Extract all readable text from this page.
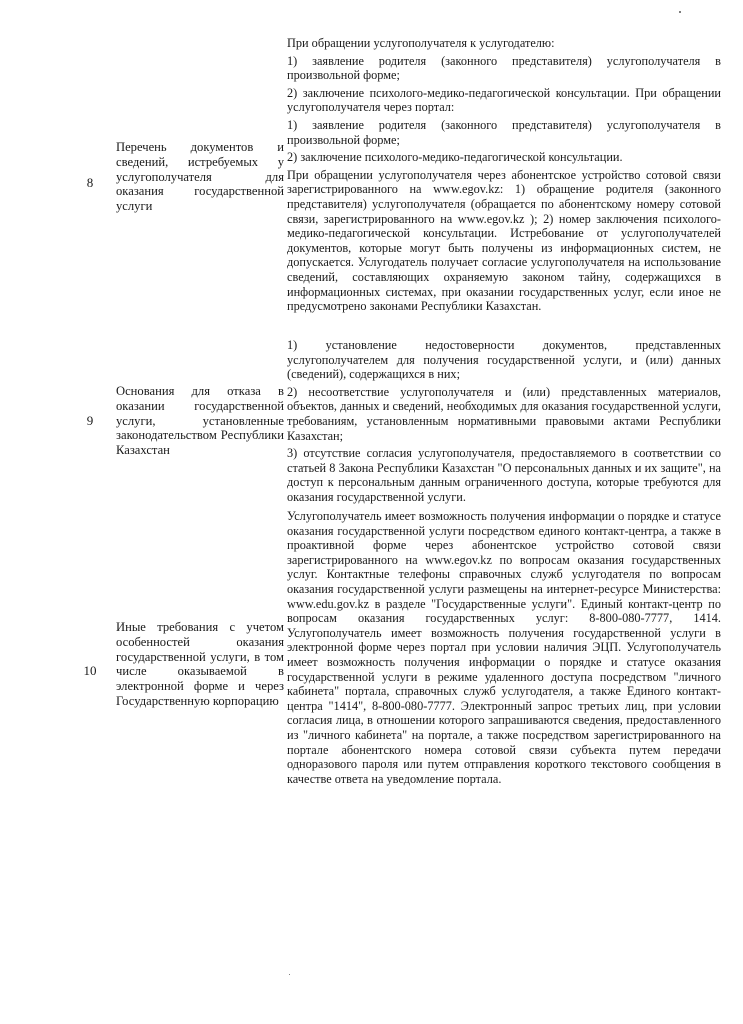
8
Перечень документов и сведений, истребуемых у услугополучателя для оказания государственной услуги

При обращении услугополучателя к услугодателю:

1) заявление родителя (законного представителя) услугополучателя в произвольной форме;

2) заключение психолого-медико-педагогической консультации. При обращении услугополучателя через портал:

1) заявление родителя (законного представителя) услугополучателя в произвольной форме;

2) заключение психолого-медико-педагогической консультации.

При обращении услугополучателя через абонентское устройство сотовой связи зарегистрированного на www.egov.kz: 1) обращение родителя (законного представителя) услугополучателя (обращается по абонентскому номеру сотовой связи, зарегистрированного на www.egov.kz ); 2) номер заключения психолого-медико-педагогической консультации. Истребование от услугополучателей документов, которые могут быть получены из информационных систем, не допускается. Услугодатель получает согласие услугополучателя на использование сведений, составляющих охраняемую законом тайну, содержащихся в информационных системах, при оказании государственных услуг, если иное не предусмотрено законами Республики Казахстан.

9
Основания для отказа в оказании государственной услуги, установленные законодательством Республики Казахстан

1) установление недостоверности документов, представленных услугополучателем для получения государственной услуги, и (или) данных (сведений), содержащихся в них;

2) несоответствие услугополучателя и (или) представленных материалов, объектов, данных и сведений, необходимых для оказания государственной услуги, требованиям, установленным нормативными правовыми актами Республики Казахстан;

3) отсутствие согласия услугополучателя, предоставляемого в соответствии со статьей 8 Закона Республики Казахстан "О персональных данных и их защите", на доступ к персональным данным ограниченного доступа, которые требуются для оказания государственной услуги.

10
Иные требования с учетом особенностей оказания государственной услуги, в том числе оказываемой в электронной форме и через Государственную корпорацию

Услугополучатель имеет возможность получения информации о порядке и статусе оказания государственной услуги посредством единого контакт-центра, а также в проактивной форме через абонентское устройство сотовой связи зарегистрированного на www.egov.kz по вопросам оказания государственных услуг. Контактные телефоны справочных служб услугодателя по вопросам оказания государственной услуги размещены на интернет-ресурсе Министерства: www.edu.gov.kz в разделе "Государственные услуги". Единый контакт-центр по вопросам оказания государственных услуг: 8-800-080-7777, 1414. Услугополучатель имеет возможность получения государственной услуги в электронной форме через портал при условии наличия ЭЦП. Услугополучатель имеет возможность получения информации о порядке и статусе оказания государственной услуги в режиме удаленного доступа посредством "личного кабинета" портала, справочных служб услугодателя, а также Единого контакт-центра "1414", 8-800-080-7777. Электронный запрос третьих лиц, при условии согласия лица, в отношении которого запрашиваются сведения, предоставленного из "личного кабинета" на портале, а также посредством зарегистрированного на портале абонентского номера сотовой связи субъекта путем передачи одноразового пароля или путем отправления короткого текстового сообщения в качестве ответа на уведомление портала.
